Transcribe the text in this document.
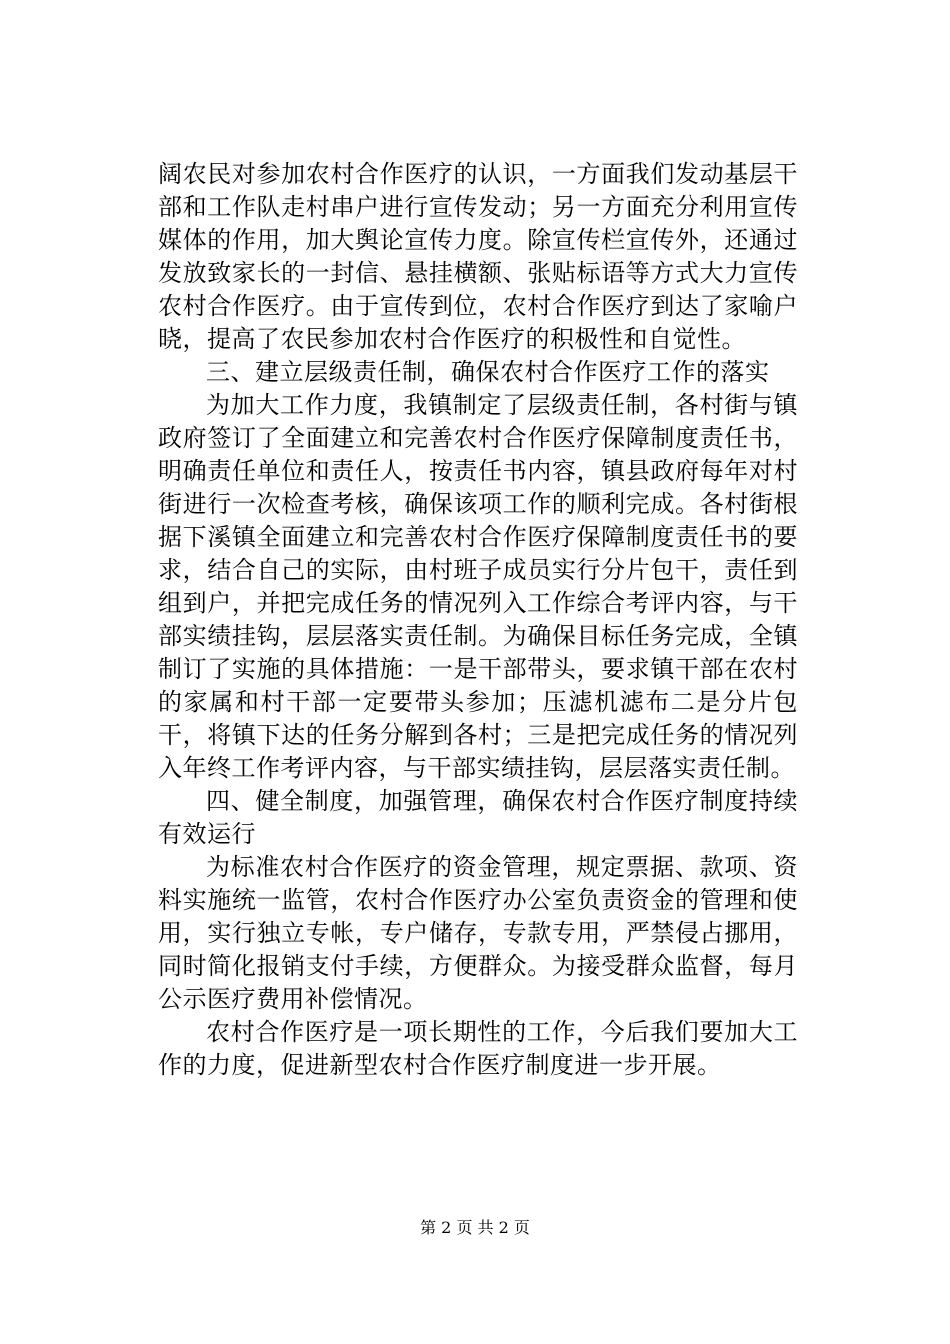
阔农民对参加农村合作医疗的认识，一方面我们发动基层干部和工作队走村串户进行宣传发动；另一方面充分利用宣传媒体的作用，加大舆论宣传力度。除宣传栏宣传外，还通过发放致家长的一封信、悬挂横额、张贴标语等方式大力宣传农村合作医疗。由于宣传到位，农村合作医疗到达了家喻户晓，提高了农民参加农村合作医疗的积极性和自觉性。

三、建立层级责任制，确保农村合作医疗工作的落实

为加大工作力度，我镇制定了层级责任制，各村街与镇政府签订了全面建立和完善农村合作医疗保障制度责任书，明确责任单位和责任人，按责任书内容，镇县政府每年对村街进行一次检查考核，确保该项工作的顺利完成。各村街根据下溪镇全面建立和完善农村合作医疗保障制度责任书的要求，结合自己的实际，由村班子成员实行分片包干，责任到组到户，并把完成任务的情况列入工作综合考评内容，与干部实绩挂钩，层层落实责任制。为确保目标任务完成，全镇制订了实施的具体措施：一是干部带头，要求镇干部在农村的家属和村干部一定要带头参加；压滤机滤布二是分片包干，将镇下达的任务分解到各村；三是把完成任务的情况列入年终工作考评内容，与干部实绩挂钩，层层落实责任制。

四、健全制度，加强管理，确保农村合作医疗制度持续有效运行

为标准农村合作医疗的资金管理，规定票据、款项、资料实施统一监管，农村合作医疗办公室负责资金的管理和使用，实行独立专帐，专户储存，专款专用，严禁侵占挪用，同时简化报销支付手续，方便群众。为接受群众监督，每月公示医疗费用补偿情况。

农村合作医疗是一项长期性的工作，今后我们要加大工作的力度，促进新型农村合作医疗制度进一步开展。

第 2 页 共 2 页
